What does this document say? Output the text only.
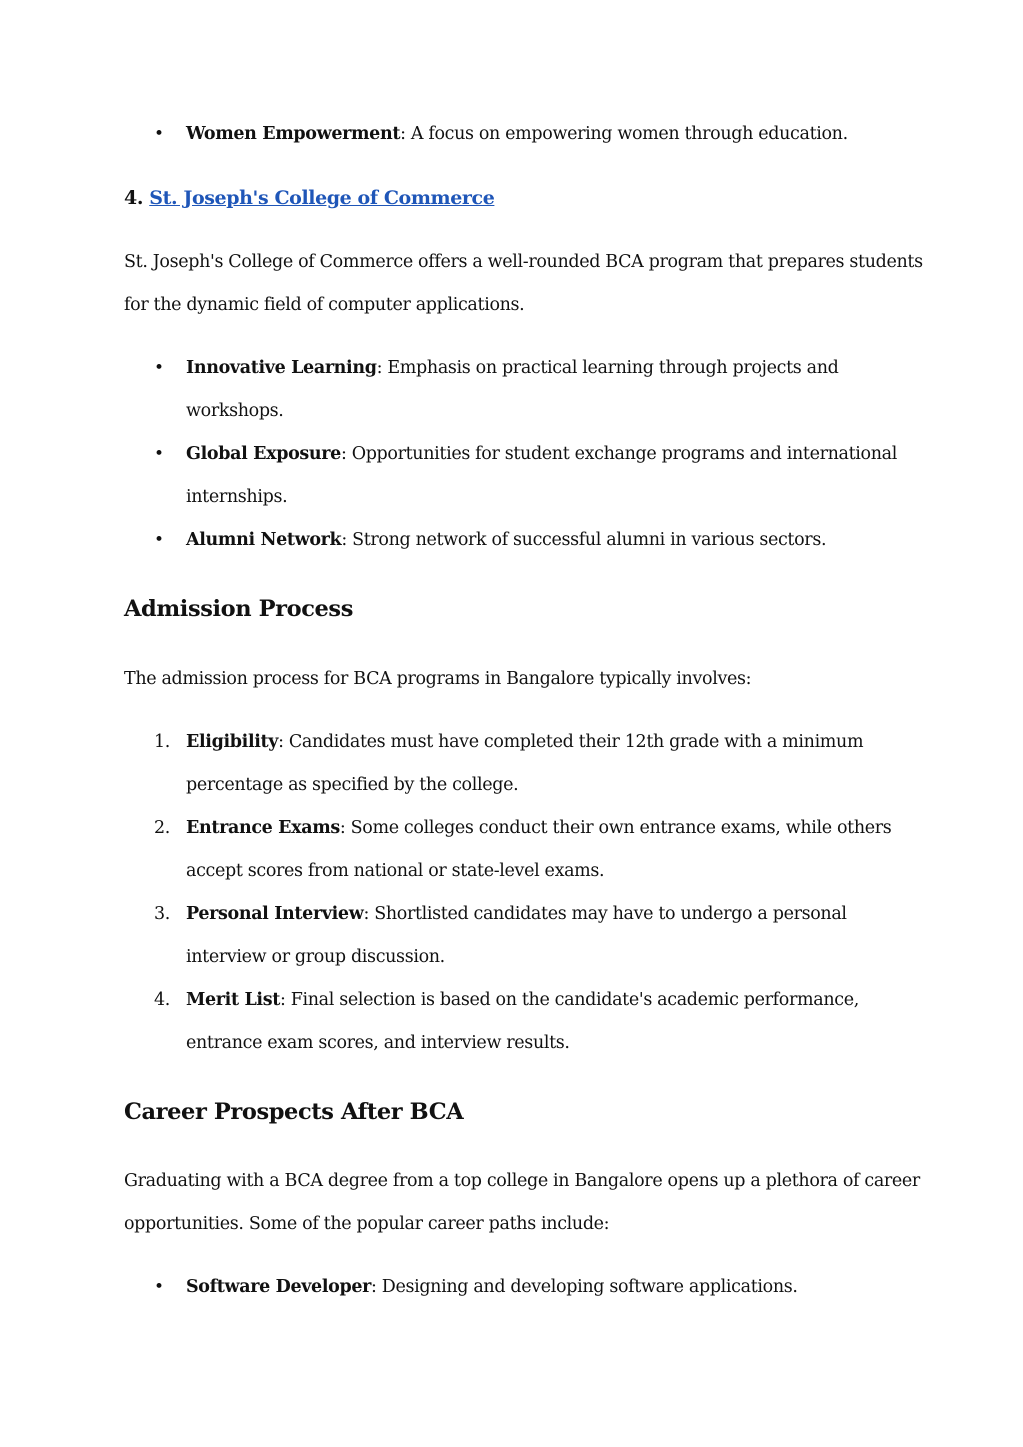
• Women Empowerment: A focus on empowering women through education.
4. St. Joseph's College of Commerce
St. Joseph's College of Commerce offers a well-rounded BCA program that prepares students
for the dynamic field of computer applications.
• Innovative Learning: Emphasis on practical learning through projects and
workshops.
• Global Exposure: Opportunities for student exchange programs and international
internships.
• Alumni Network: Strong network of successful alumni in various sectors.
Admission Process
The admission process for BCA programs in Bangalore typically involves:
1. Eligibility: Candidates must have completed their 12th grade with a minimum
percentage as specified by the college.
2. Entrance Exams: Some colleges conduct their own entrance exams, while others
accept scores from national or state-level exams.
3. Personal Interview: Shortlisted candidates may have to undergo a personal
interview or group discussion.
4. Merit List: Final selection is based on the candidate's academic performance,
entrance exam scores, and interview results.
Career Prospects After BCA
Graduating with a BCA degree from a top college in Bangalore opens up a plethora of career
opportunities. Some of the popular career paths include:
• Software Developer: Designing and developing software applications.
